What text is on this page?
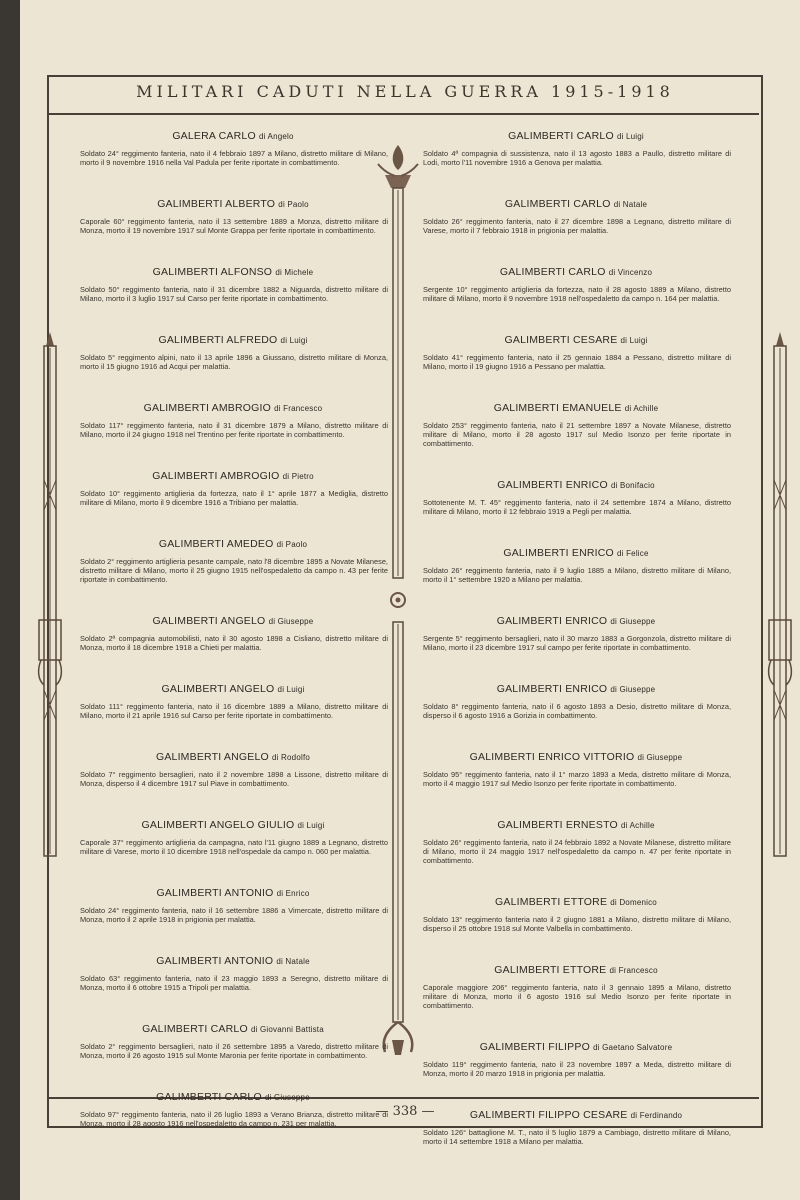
MILITARI CADUTI NELLA GUERRA 1915-1918
— 338 —
GALERA CARLO di Angelo
Soldato 24° reggimento fanteria, nato il 4 febbraio 1897 a Milano, distretto militare di Milano, morto il 9 novembre 1916 nella Val Padula per ferite riportate in combattimento.
GALIMBERTI ALBERTO di Paolo
Caporale 60° reggimento fanteria, nato il 13 settembre 1889 a Monza, distretto militare di Monza, morto il 19 novembre 1917 sul Monte Grappa per ferite riportate in combattimento.
GALIMBERTI ALFONSO di Michele
Soldato 50° reggimento fanteria, nato il 31 dicembre 1882 a Niguarda, distretto militare di Milano, morto il 3 luglio 1917 sul Carso per ferite riportate in combattimento.
GALIMBERTI ALFREDO di Luigi
Soldato 5° reggimento alpini, nato il 13 aprile 1896 a Giussano, distretto militare di Monza, morto il 15 giugno 1916 ad Acqui per malattia.
GALIMBERTI AMBROGIO di Francesco
Soldato 117° reggimento fanteria, nato il 31 dicembre 1879 a Milano, distretto militare di Milano, morto il 24 giugno 1918 nel Trentino per ferite riportate in combattimento.
GALIMBERTI AMBROGIO di Pietro
Soldato 10° reggimento artiglieria da fortezza, nato il 1° aprile 1877 a Mediglia, distretto militare di Milano, morto il 9 dicembre 1916 a Tribiano per malattia.
GALIMBERTI AMEDEO di Paolo
Soldato 2° reggimento artiglieria pesante campale, nato l'8 dicembre 1895 a Novate Milanese, distretto militare di Milano, morto il 25 giugno 1915 nell'ospedaletto da campo n. 43 per ferite riportate in combattimento.
GALIMBERTI ANGELO di Giuseppe
Soldato 2ª compagnia automobilisti, nato il 30 agosto 1898 a Cisliano, distretto militare di Monza, morto il 18 dicembre 1918 a Chieti per malattia.
GALIMBERTI ANGELO di Luigi
Soldato 111° reggimento fanteria, nato il 16 dicembre 1889 a Milano, distretto militare di Milano, morto il 21 aprile 1916 sul Carso per ferite riportate in combattimento.
GALIMBERTI ANGELO di Rodolfo
Soldato 7° reggimento bersaglieri, nato il 2 novembre 1898 a Lissone, distretto militare di Monza, disperso il 4 dicembre 1917 sul Piave in combattimento.
GALIMBERTI ANGELO GIULIO di Luigi
Caporale 37° reggimento artiglieria da campagna, nato l'11 giugno 1889 a Legnano, distretto militare di Varese, morto il 10 dicembre 1918 nell'ospedale da campo n. 060 per malattia.
GALIMBERTI ANTONIO di Enrico
Soldato 24° reggimento fanteria, nato il 16 settembre 1886 a Vimercate, distretto militare di Monza, morto il 2 aprile 1918 in prigionia per malattia.
GALIMBERTI ANTONIO di Natale
Soldato 63° reggimento fanteria, nato il 23 maggio 1893 a Seregno, distretto militare di Monza, morto il 6 ottobre 1915 a Tripoli per malattia.
GALIMBERTI CARLO di Giovanni Battista
Soldato 2° reggimento bersaglieri, nato il 26 settembre 1895 a Varedo, distretto militare di Monza, morto il 26 agosto 1915 sul Monte Maronia per ferite riportate in combattimento.
GALIMBERTI CARLO di Giuseppe
Soldato 97° reggimento fanteria, nato il 26 luglio 1893 a Verano Brianza, distretto militare di Monza, morto il 28 agosto 1916 nell'ospedaletto da campo n. 231 per malattia.
GALIMBERTI CARLO di Luigi
Soldato 4ª compagnia di sussistenza, nato il 13 agosto 1883 a Paullo, distretto militare di Lodi, morto l'11 novembre 1916 a Genova per malattia.
GALIMBERTI CARLO di Natale
Soldato 26° reggimento fanteria, nato il 27 dicembre 1898 a Legnano, distretto militare di Varese, morto il 7 febbraio 1918 in prigionia per malattia.
GALIMBERTI CARLO di Vincenzo
Sergente 10° reggimento artiglieria da fortezza, nato il 28 agosto 1889 a Milano, distretto militare di Milano, morto il 9 novembre 1918 nell'ospedaletto da campo n. 164 per malattia.
GALIMBERTI CESARE di Luigi
Soldato 41° reggimento fanteria, nato il 25 gennaio 1884 a Pessano, distretto militare di Milano, morto il 19 giugno 1916 a Pessano per malattia.
GALIMBERTI EMANUELE di Achille
Soldato 253° reggimento fanteria, nato il 21 settembre 1897 a Novate Milanese, distretto militare di Milano, morto il 28 agosto 1917 sul Medio Isonzo per ferite riportate in combattimento.
GALIMBERTI ENRICO di Bonifacio
Sottotenente M. T. 45° reggimento fanteria, nato il 24 settembre 1874 a Milano, distretto militare di Milano, morto il 12 febbraio 1919 a Pegli per malattia.
GALIMBERTI ENRICO di Felice
Soldato 26° reggimento fanteria, nato il 9 luglio 1885 a Milano, distretto militare di Milano, morto il 1° settembre 1920 a Milano per malattia.
GALIMBERTI ENRICO di Giuseppe
Sergente 5° reggimento bersaglieri, nato il 30 marzo 1883 a Gorgonzola, distretto militare di Milano, morto il 23 dicembre 1917 sul campo per ferite riportate in combattimento.
GALIMBERTI ENRICO di Giuseppe
Soldato 8° reggimento fanteria, nato il 6 agosto 1893 a Desio, distretto militare di Monza, disperso il 6 agosto 1916 a Gorizia in combattimento.
GALIMBERTI ENRICO VITTORIO di Giuseppe
Soldato 95° reggimento fanteria, nato il 1° marzo 1893 a Meda, distretto militare di Monza, morto il 4 maggio 1917 sul Medio Isonzo per ferite riportate in combattimento.
GALIMBERTI ERNESTO di Achille
Soldato 26° reggimento fanteria, nato il 24 febbraio 1892 a Novate Milanese, distretto militare di Milano, morto il 24 maggio 1917 nell'ospedaletto da campo n. 47 per ferite riportate in combattimento.
GALIMBERTI ETTORE di Domenico
Soldato 13° reggimento fanteria nato il 2 giugno 1881 a Milano, distretto militare di Milano, disperso il 25 ottobre 1918 sul Monte Valbella in combattimento.
GALIMBERTI ETTORE di Francesco
Caporale maggiore 206° reggimento fanteria, nato il 3 gennaio 1895 a Milano, distretto militare di Monza, morto il 6 agosto 1916 sul Medio Isonzo per ferite riportate in combattimento.
GALIMBERTI FILIPPO di Gaetano Salvatore
Soldato 119° reggimento fanteria, nato il 23 novembre 1897 a Meda, distretto militare di Monza, morto il 20 marzo 1918 in prigionia per malattia.
GALIMBERTI FILIPPO CESARE di Ferdinando
Soldato 126° battaglione M. T., nato il 5 luglio 1879 a Cambiago, distretto militare di Milano, morto il 14 settembre 1918 a Milano per malattia.
